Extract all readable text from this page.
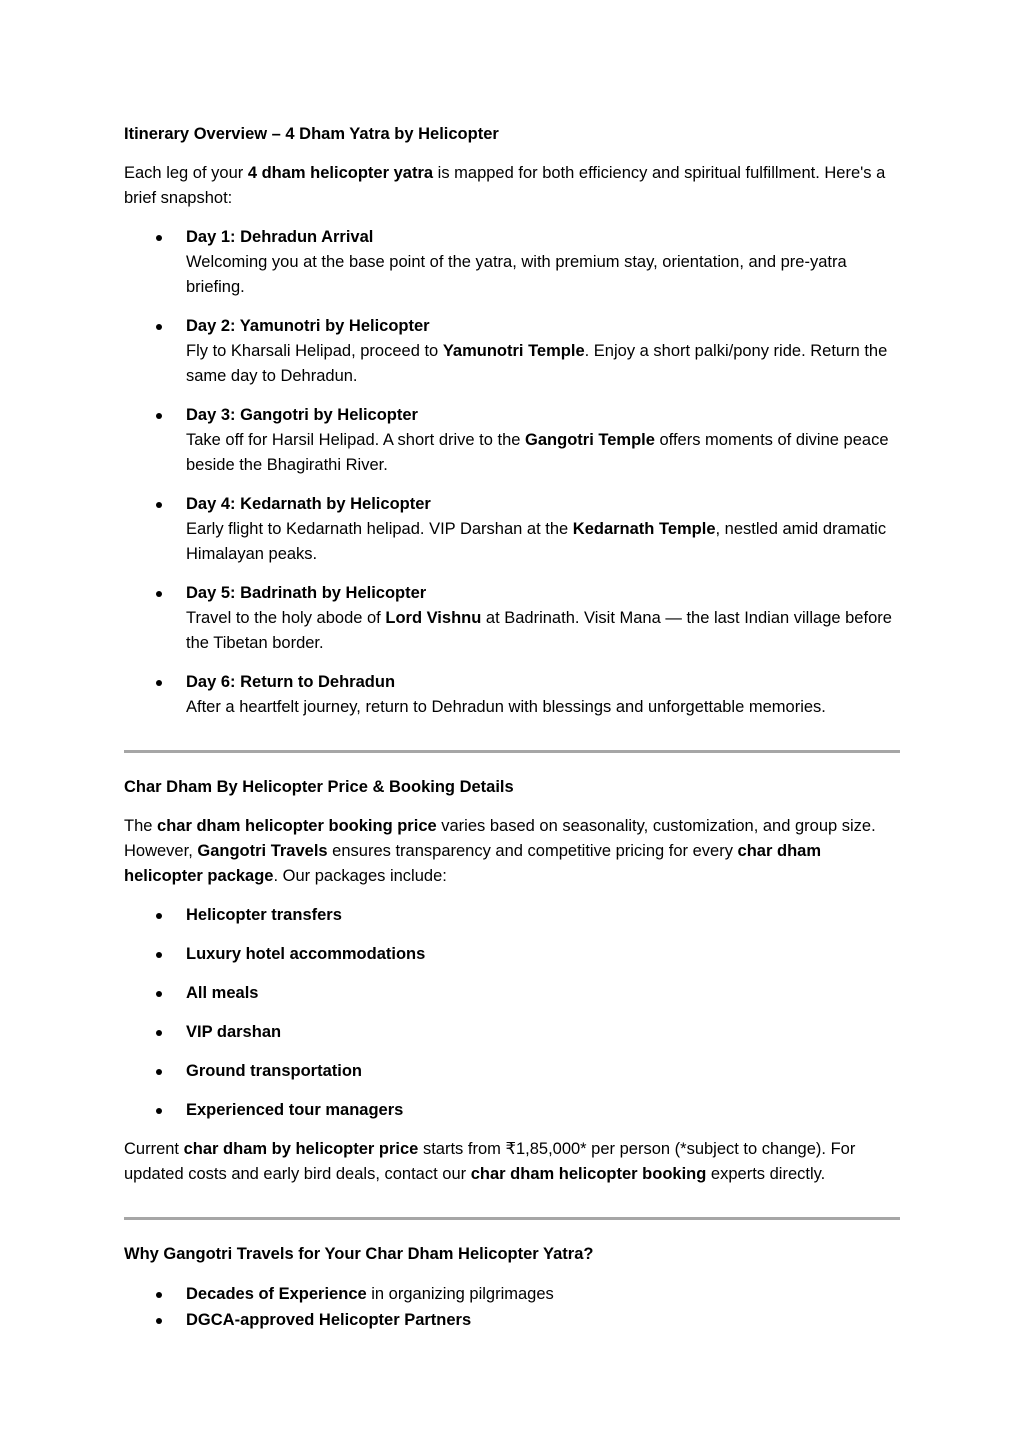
Itinerary Overview – 4 Dham Yatra by Helicopter

Each leg of your 4 dham helicopter yatra is mapped for both efficiency and spiritual fulfillment. Here's a brief snapshot:

Day 1: Dehradun Arrival
Welcoming you at the base point of the yatra, with premium stay, orientation, and pre-yatra briefing.
Day 2: Yamunotri by Helicopter
Fly to Kharsali Helipad, proceed to Yamunotri Temple. Enjoy a short palki/pony ride. Return the same day to Dehradun.
Day 3: Gangotri by Helicopter
Take off for Harsil Helipad. A short drive to the Gangotri Temple offers moments of divine peace beside the Bhagirathi River.
Day 4: Kedarnath by Helicopter
Early flight to Kedarnath helipad. VIP Darshan at the Kedarnath Temple, nestled amid dramatic Himalayan peaks.
Day 5: Badrinath by Helicopter
Travel to the holy abode of Lord Vishnu at Badrinath. Visit Mana — the last Indian village before the Tibetan border.
Day 6: Return to Dehradun
After a heartfelt journey, return to Dehradun with blessings and unforgettable memories.
Char Dham By Helicopter Price & Booking Details

The char dham helicopter booking price varies based on seasonality, customization, and group size. However, Gangotri Travels ensures transparency and competitive pricing for every char dham helicopter package. Our packages include:

Helicopter transfers
Luxury hotel accommodations
All meals
VIP darshan
Ground transportation
Experienced tour managers

Current char dham by helicopter price starts from ₹1,85,000* per person (*subject to change). For updated costs and early bird deals, contact our char dham helicopter booking experts directly.

Why Gangotri Travels for Your Char Dham Helicopter Yatra?
Decades of Experience in organizing pilgrimages
DGCA-approved Helicopter Partners
